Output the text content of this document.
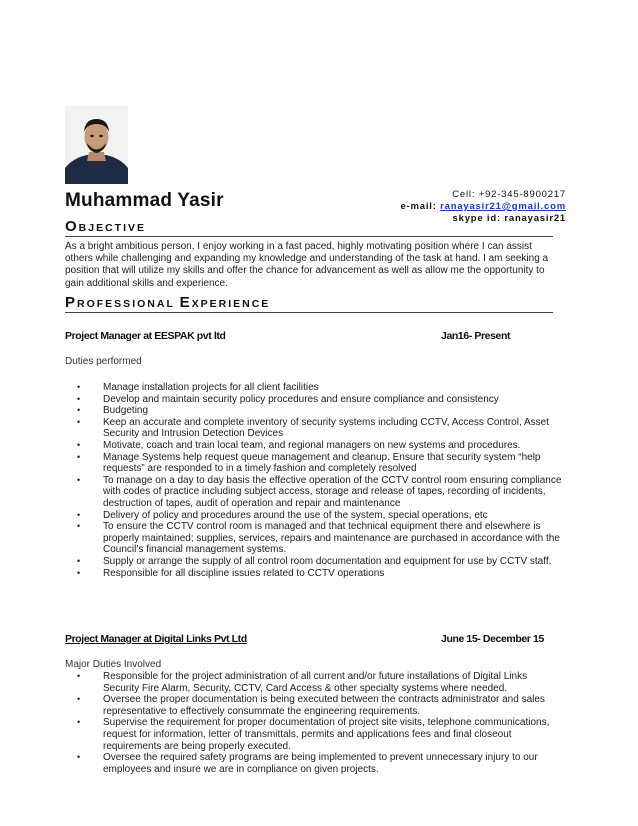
Muhammad Yasir	Cell: +92-345-8900217
e-mail: ranayasir21@gmail.com
skype id: ranayasir21
OBJECTIVE
As a bright ambitious person, I enjoy working in a fast paced, highly motivating position where I can assist others while challenging and expanding my knowledge and understanding of the task at hand. I am seeking a position that will utilize my skills and offer the chance for advancement as well as allow me the opportunity to gain additional skills and experience.
PROFESSIONAL EXPERIENCE
Project Manager at EESPAK pvt ltd	Jan16- Present
Duties performed
• Manage installation projects for all client facilities
• Develop and maintain security policy procedures and ensure compliance and consistency
• Budgeting
• Keep an accurate and complete inventory of security systems including CCTV, Access Control, Asset Security and Intrusion Detection Devices
• Motivate, coach and train local team, and regional managers on new systems and procedures.
• Manage Systems help request queue management and cleanup. Ensure that security system “help requests” are responded to in a timely fashion and completely resolved
• To manage on a day to day basis the effective operation of the CCTV control room ensuring compliance with codes of practice including subject access, storage and release of tapes, recording of incidents, destruction of tapes, audit of operation and repair and maintenance
• Delivery of policy and procedures around the use of the system, special operations, etc
• To ensure the CCTV control room is managed and that technical equipment there and elsewhere is properly maintained; supplies, services, repairs and maintenance are purchased in accordance with the Council’s financial management systems.
• Supply or arrange the supply of all control room documentation and equipment for use by CCTV staff.
• Responsible for all discipline issues related to CCTV operations
Project Manager at Digital Links Pvt Ltd	June 15- December 15
Major Duties Involved
• Responsible for the project administration of all current and/or future installations of Digital Links Security Fire Alarm, Security, CCTV, Card Access & other specialty systems where needed.
• Oversee the proper documentation is being executed between the contracts administrator and sales representative to effectively consummate the engineering requirements.
• Supervise the requirement for proper documentation of project site visits, telephone communications, request for information, letter of transmittals, permits and applications fees and final closeout requirements are being properly executed.
• Oversee the required safety programs are being implemented to prevent unnecessary injury to our employees and insure we are in compliance on given projects.
